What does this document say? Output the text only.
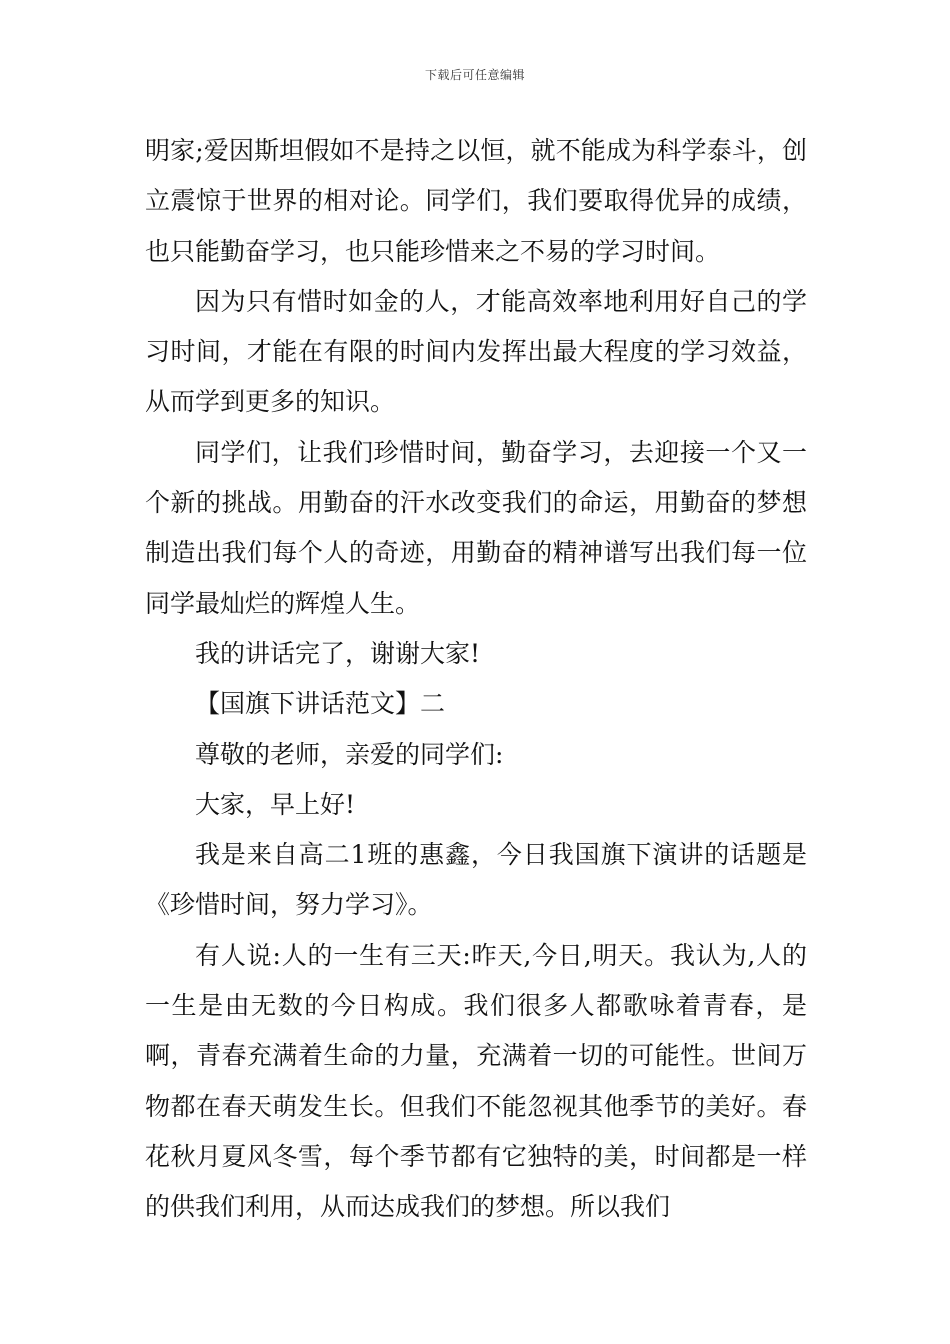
下载后可任意编辑

明家;爱因斯坦假如不是持之以恒，就不能成为科学泰斗，创立震惊于世界的相对论。同学们，我们要取得优异的成绩，也只能勤奋学习，也只能珍惜来之不易的学习时间。

因为只有惜时如金的人，才能高效率地利用好自己的学习时间，才能在有限的时间内发挥出最大程度的学习效益，从而学到更多的知识。

同学们，让我们珍惜时间，勤奋学习，去迎接一个又一个新的挑战。用勤奋的汗水改变我们的命运，用勤奋的梦想制造出我们每个人的奇迹，用勤奋的精神谱写出我们每一位同学最灿烂的辉煌人生。

我的讲话完了，谢谢大家!

【国旗下讲话范文】二

尊敬的老师，亲爱的同学们:

大家，早上好!

我是来自高二1班的惠鑫，今日我国旗下演讲的话题是《珍惜时间，努力学习》。

有人说:人的一生有三天:昨天,今日,明天。我认为,人的一生是由无数的今日构成。我们很多人都歌咏着青春，是啊，青春充满着生命的力量，充满着一切的可能性。世间万物都在春天萌发生长。但我们不能忽视其他季节的美好。春花秋月夏风冬雪，每个季节都有它独特的美，时间都是一样的供我们利用，从而达成我们的梦想。所以我们
